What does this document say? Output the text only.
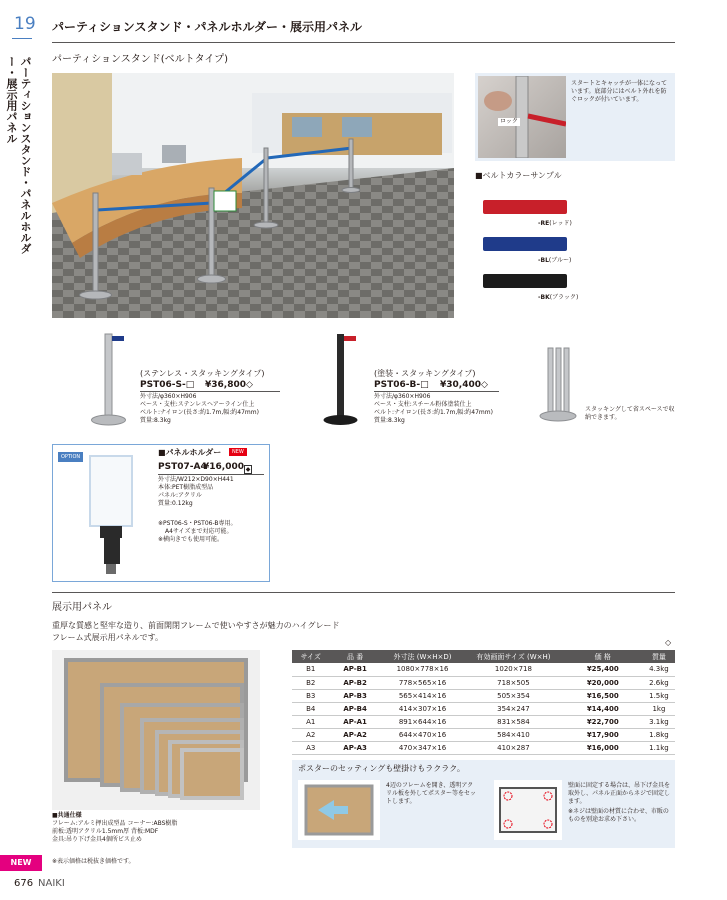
19 パーティションスタンド・パネルホルダー・展示用パネル
パーティションスタンド・パネルホルダー・展示用パネル	パーティションスタンド(ベルトタイプ)
ロック
スタートとキャッチが一体になっています。底部分にはベルト外れを防ぐロックが付いています。
■ベルトカラーサンプル
-RE(レッド)
-BL(ブルー)
-BK(ブラック)
スタッキングして省スペースで収納できます。
(ステンレス・スタッキングタイプ)
PST06-S-□ ¥36,800◇
外寸法/φ360×H906
ベース・支柱:ステンレスヘアーライン仕上
ベルト:ナイロン(長さ:約1.7m,幅:約47mm)
質量:8.3kg
(塗装・スタッキングタイプ)
PST06-B-□ ¥30,400◇
外寸法/φ360×H906
ベース・支柱:スチール粉体塗装仕上
ベルト:ナイロン(長さ:約1.7m,幅:約47mm)
質量:8.3kg
OPTION	■パネルホルダー	NEW
PST07-A4
¥16,000 ◆
外寸法/W212×D90×H441
本体:PET樹脂成型品
パネル:アクリル
質量:0.12kg
※PST06-S・PST06-B専用。
A4サイズまで対応可能。
※横向きでも使用可能。
展示用パネル
重厚な質感と堅牢な造り、前面開閉フレームで使いやすさが魅力のハイグレードフレーム式展示用パネルです。
◇
サイズ	品 番	外寸法 (W×H×D)	有効画面サイズ (W×H)	価 格	質量
B1	AP-B1	1080×778×16	1020×718	¥25,400	4.3kg
B2	AP-B2	778×565×16	718×505	¥20,000	2.6kg
B3	AP-B3	565×414×16	505×354	¥16,500	1.5kg
B4	AP-B4	414×307×16	354×247	¥14,400	1kg
A1	AP-A1	891×644×16	831×584	¥22,700	3.1kg
A2	AP-A2	644×470×16	584×410	¥17,900	1.8kg
A3	AP-A3	470×347×16	410×287	¥16,000	1.1kg
■共通仕様
フレーム:アルミ押出成型品 コーナー:ABS樹脂
前板:透明アクリル1.5mm厚 背板:MDF
金具:吊り下げ金具4個所ビス止め
ポスターのセッティングも壁掛けもラクラク。
4辺のフレームを開き、透明アクリル板を外してポスター等をセットします。
壁面に固定する場合は、吊下げ金具を取外し、パネル正面からネジで固定します。
※ネジは壁面の材質に合わせ、市販のものを別途お求め下さい。
NEW	※表示価格は税抜き価格です。
676 NAIKI
